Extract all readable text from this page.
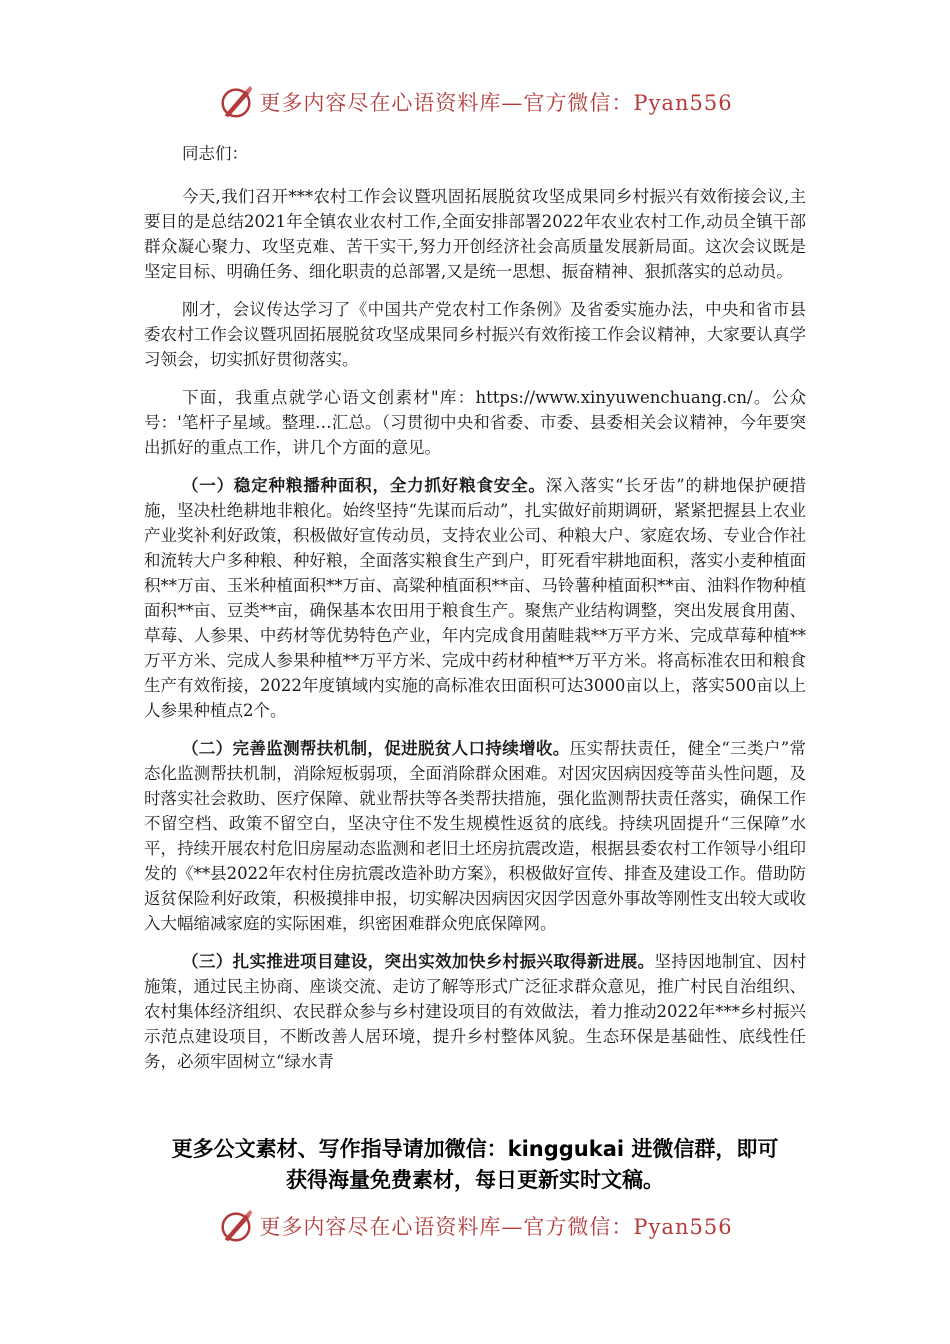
更多内容尽在心语资料库—官方微信：Pyan556

同志们：

今天,我们召开***农村工作会议暨巩固拓展脱贫攻坚成果同乡村振兴有效衔接会议,主要目的是总结2021年全镇农业农村工作,全面安排部署2022年农业农村工作,动员全镇干部群众凝心聚力、攻坚克难、苦干实干,努力开创经济社会高质量发展新局面。这次会议既是坚定目标、明确任务、细化职责的总部署,又是统一思想、振奋精神、狠抓落实的总动员。

刚才，会议传达学习了《中国共产党农村工作条例》及省委实施办法，中央和省市县委农村工作会议暨巩固拓展脱贫攻坚成果同乡村振兴有效衔接工作会议精神，大家要认真学习领会，切实抓好贯彻落实。

下面，我重点就学心语文创素材"库：https://www.xinyuwenchuang.cn/。公众号：'笔杆子星域。整理…汇总。（习贯彻中央和省委、市委、县委相关会议精神，今年要突出抓好的重点工作，讲几个方面的意见。

（一）稳定种粮播种面积，全力抓好粮食安全。深入落实“长牙齿”的耕地保护硬措施，坚决杜绝耕地非粮化。始终坚持“先谋而后动”，扎实做好前期调研，紧紧把握县上农业产业奖补利好政策，积极做好宣传动员，支持农业公司、种粮大户、家庭农场、专业合作社和流转大户多种粮、种好粮，全面落实粮食生产到户，盯死看牢耕地面积，落实小麦种植面积**万亩、玉米种植面积**万亩、高粱种植面积**亩、马铃薯种植面积**亩、油料作物种植面积**亩、豆类**亩，确保基本农田用于粮食生产。聚焦产业结构调整，突出发展食用菌、草莓、人参果、中药材等优势特色产业，年内完成食用菌畦栽**万平方米、完成草莓种植**万平方米、完成人参果种植**万平方米、完成中药材种植**万平方米。将高标准农田和粮食生产有效衔接，2022年度镇域内实施的高标准农田面积可达3000亩以上，落实500亩以上人参果种植点2个。

（二）完善监测帮扶机制，促进脱贫人口持续增收。压实帮扶责任，健全“三类户”常态化监测帮扶机制，消除短板弱项，全面消除群众困难。对因灾因病因疫等苗头性问题，及时落实社会救助、医疗保障、就业帮扶等各类帮扶措施，强化监测帮扶责任落实，确保工作不留空档、政策不留空白，坚决守住不发生规模性返贫的底线。持续巩固提升“三保障”水平，持续开展农村危旧房屋动态监测和老旧土坯房抗震改造，根据县委农村工作领导小组印发的《**县2022年农村住房抗震改造补助方案》，积极做好宣传、排查及建设工作。借助防返贫保险利好政策，积极摸排申报，切实解决因病因灾因学因意外事故等刚性支出较大或收入大幅缩减家庭的实际困难，织密困难群众兜底保障网。

（三）扎实推进项目建设，突出实效加快乡村振兴取得新进展。坚持因地制宜、因村施策，通过民主协商、座谈交流、走访了解等形式广泛征求群众意见，推广村民自治组织、农村集体经济组织、农民群众参与乡村建设项目的有效做法，着力推动2022年***乡村振兴示范点建设项目，不断改善人居环境，提升乡村整体风貌。生态环保是基础性、底线性任务，必须牢固树立“绿水青

更多公文素材、写作指导请加微信：kinggukai 进微信群，即可
获得海量免费素材，每日更新实时文稿。
更多内容尽在心语资料库—官方微信：Pyan556
